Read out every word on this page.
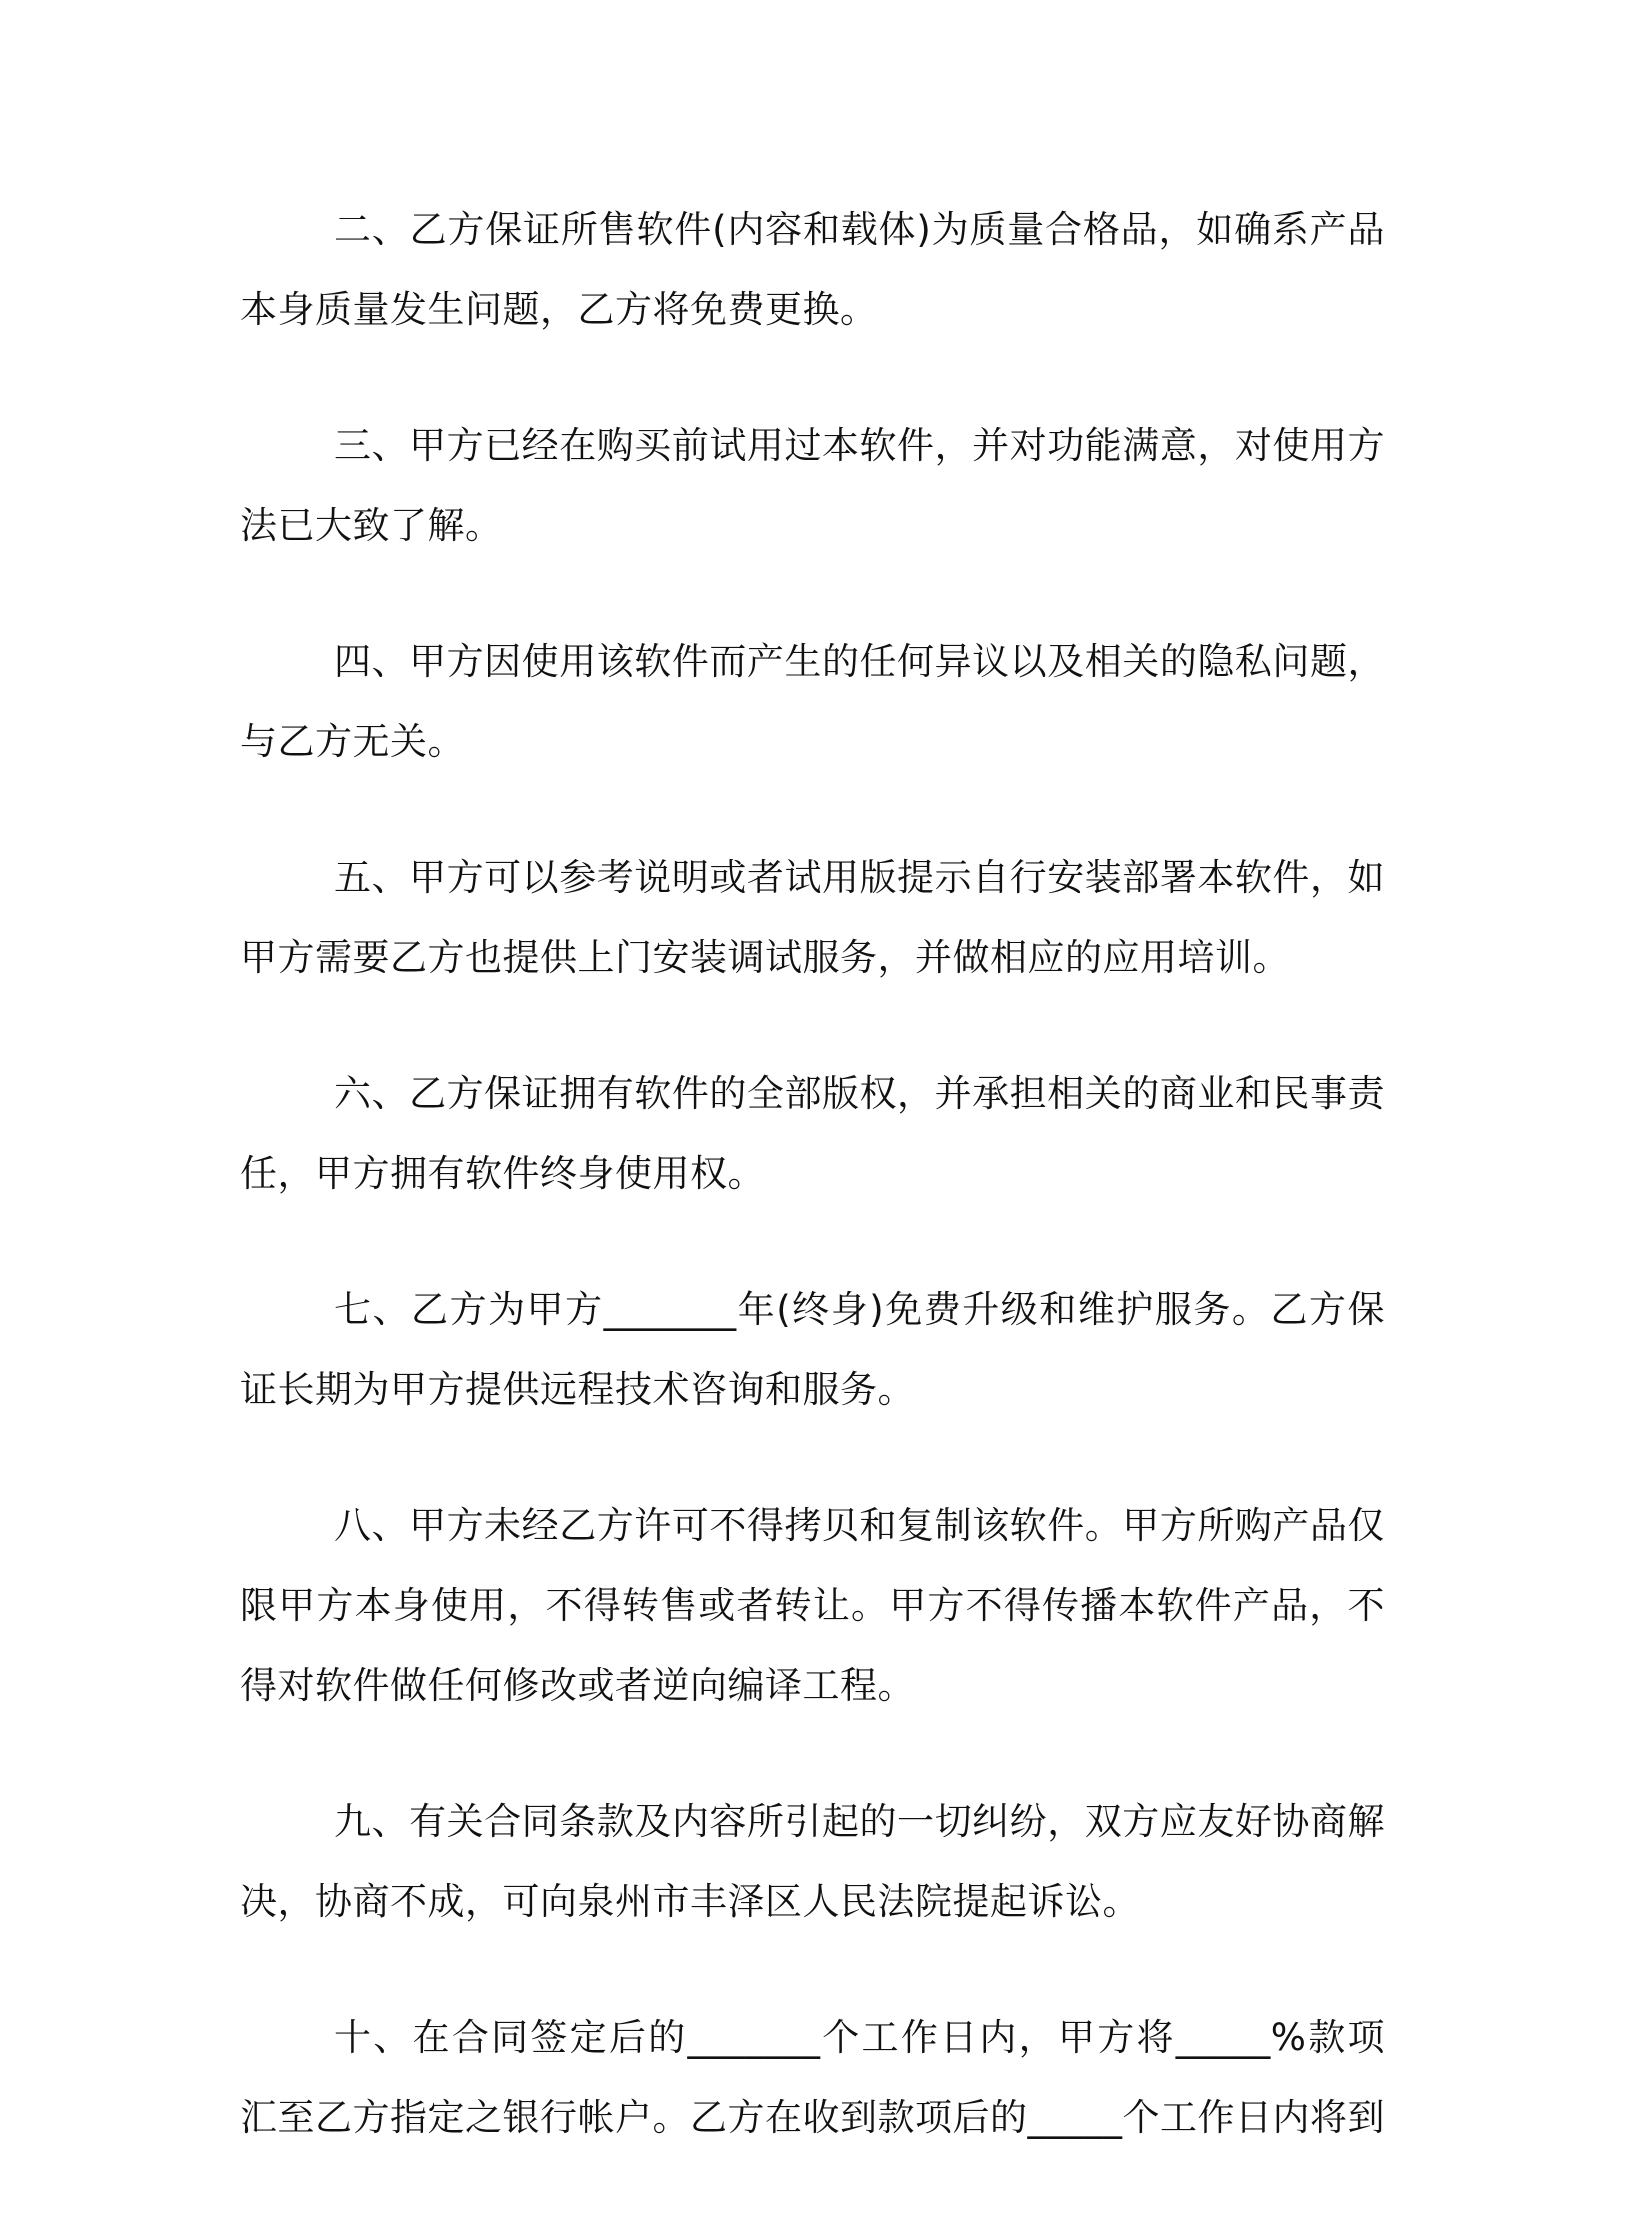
二、乙方保证所售软件(内容和载体)为质量合格品，如确系产品本身质量发生问题，乙方将免费更换。

三、甲方已经在购买前试用过本软件，并对功能满意，对使用方法已大致了解。

四、甲方因使用该软件而产生的任何异议以及相关的隐私问题，与乙方无关。

五、甲方可以参考说明或者试用版提示自行安装部署本软件，如甲方需要乙方也提供上门安装调试服务，并做相应的应用培训。

六、乙方保证拥有软件的全部版权，并承担相关的商业和民事责任，甲方拥有软件终身使用权。

七、乙方为甲方_______年(终身)免费升级和维护服务。乙方保证长期为甲方提供远程技术咨询和服务。

八、甲方未经乙方许可不得拷贝和复制该软件。甲方所购产品仅限甲方本身使用，不得转售或者转让。甲方不得传播本软件产品，不得对软件做任何修改或者逆向编译工程。

九、有关合同条款及内容所引起的一切纠纷，双方应友好协商解决，协商不成，可向泉州市丰泽区人民法院提起诉讼。

十、在合同签定后的_______个工作日内，甲方将_____%款项汇至乙方指定之银行帐户。乙方在收到款项后的_____个工作日内将到
